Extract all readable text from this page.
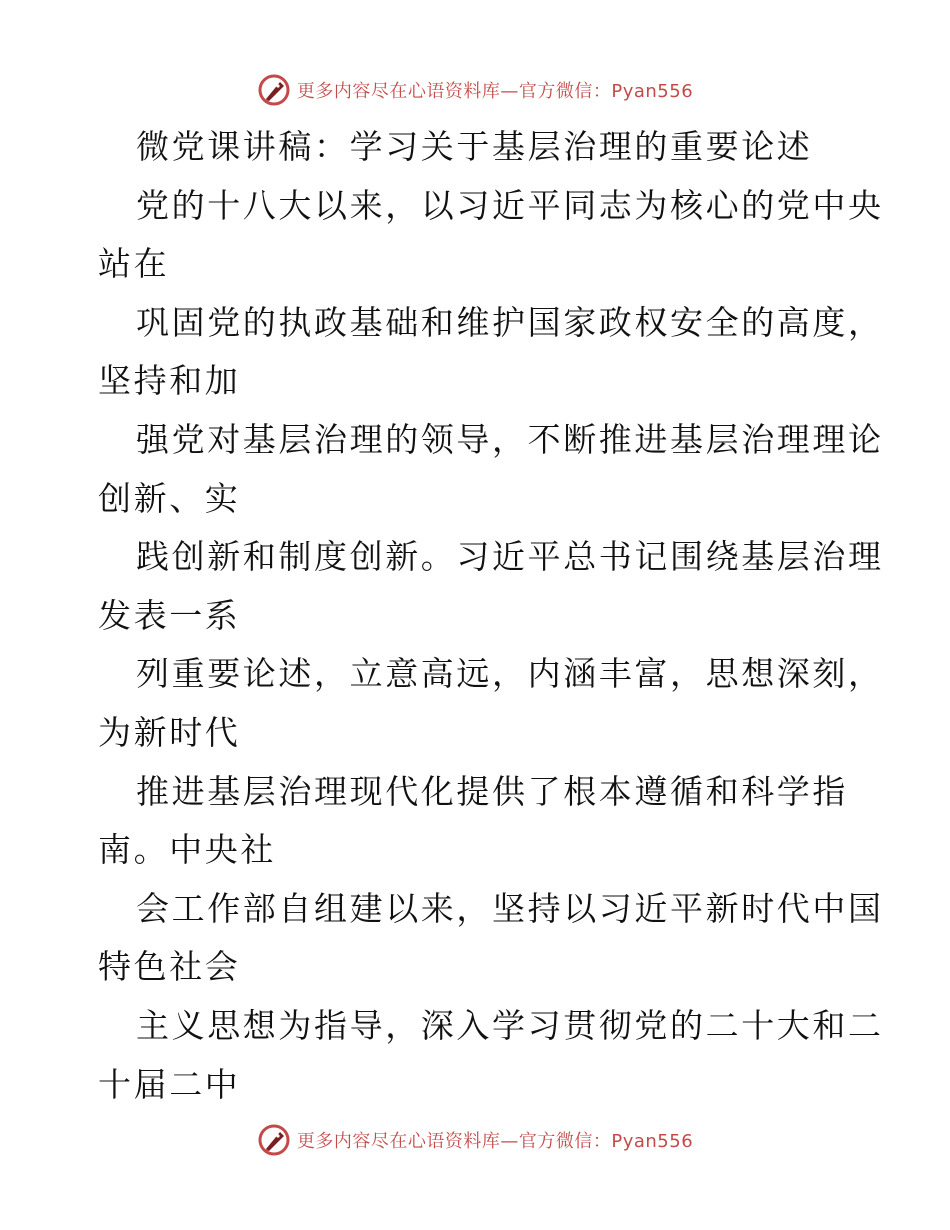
更多内容尽在心语资料库—官方微信：Pyan556
微党课讲稿：学习关于基层治理的重要论述
党的十八大以来，以习近平同志为核心的党中央
站在
巩固党的执政基础和维护国家政权安全的高度，
坚持和加
强党对基层治理的领导，不断推进基层治理理论
创新、实
践创新和制度创新。习近平总书记围绕基层治理
发表一系
列重要论述，立意高远，内涵丰富，思想深刻，
为新时代
推进基层治理现代化提供了根本遵循和科学指
南。中央社
会工作部自组建以来，坚持以习近平新时代中国
特色社会
主义思想为指导，深入学习贯彻党的二十大和二
十届二中
更多内容尽在心语资料库—官方微信：Pyan556
